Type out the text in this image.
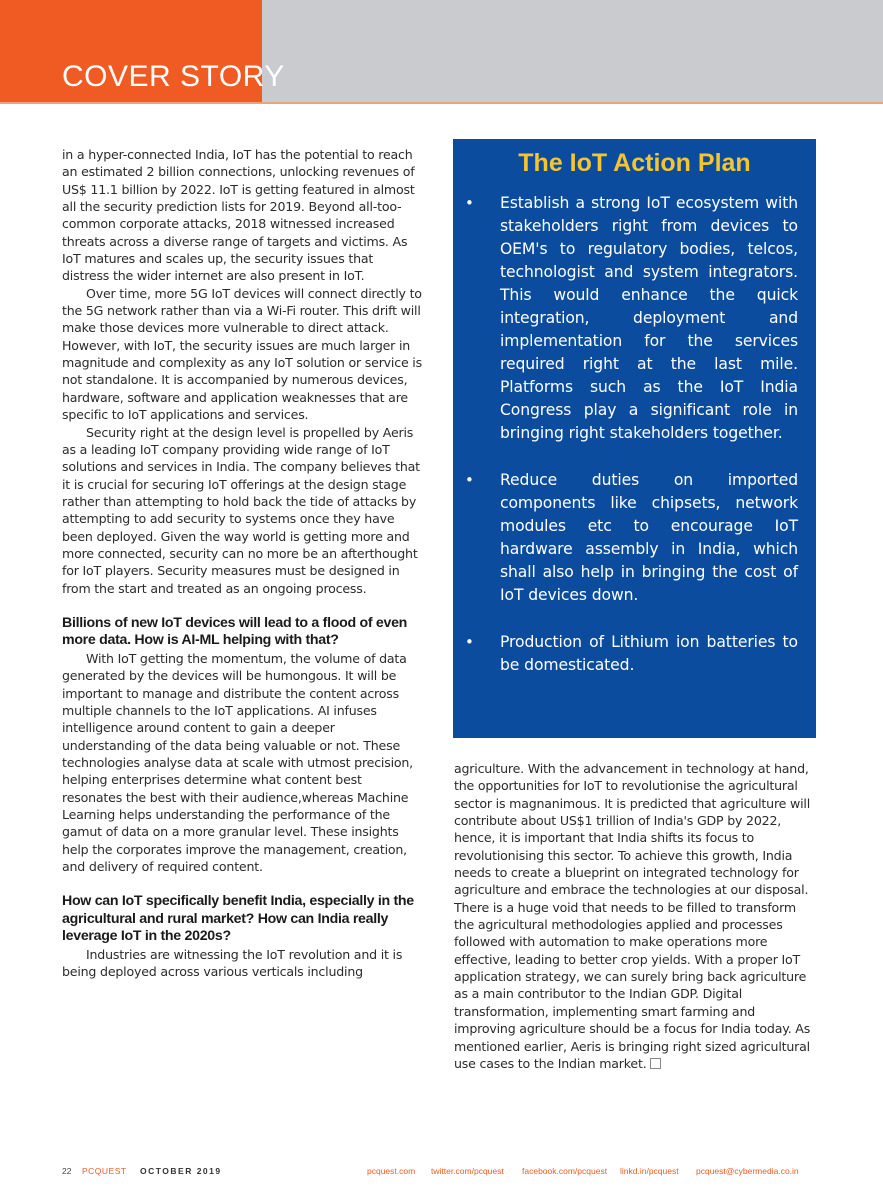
COVER STORY

in a hyper-connected India, IoT has the potential to reach an estimated 2 billion connections, unlocking revenues of US$ 11.1 billion by 2022. IoT is getting featured in almost all the security prediction lists for 2019. Beyond all-too-common corporate attacks, 2018 witnessed increased threats across a diverse range of targets and victims. As IoT matures and scales up, the security issues that distress the wider internet are also present in IoT.

Over time, more 5G IoT devices will connect directly to the 5G network rather than via a Wi-Fi router. This drift will make those devices more vulnerable to direct attack. However, with IoT, the security issues are much larger in magnitude and complexity as any IoT solution or service is not standalone. It is accompanied by numerous devices, hardware, software and application weaknesses that are specific to IoT applications and services.

Security right at the design level is propelled by Aeris as a leading IoT company providing wide range of IoT solutions and services in India. The company believes that it is crucial for securing IoT offerings at the design stage rather than attempting to hold back the tide of attacks by attempting to add security to systems once they have been deployed. Given the way world is getting more and more connected, security can no more be an afterthought for IoT players. Security measures must be designed in from the start and treated as an ongoing process.

Billions of new IoT devices will lead to a flood of even more data. How is AI-ML helping with that?

With IoT getting the momentum, the volume of data generated by the devices will be humongous. It will be important to manage and distribute the content across multiple channels to the IoT applications. AI infuses intelligence around content to gain a deeper understanding of the data being valuable or not. These technologies analyse data at scale with utmost precision, helping enterprises determine what content best resonates the best with their audience,whereas Machine Learning helps understanding the performance of the gamut of data on a more granular level. These insights help the corporates improve the management, creation, and delivery of required content.

How can IoT specifically benefit India, especially in the agricultural and rural market? How can India really leverage IoT in the 2020s?

Industries are witnessing the IoT revolution and it is being deployed across various verticals including

The IoT Action Plan
• Establish a strong IoT ecosystem with stakeholders right from devices to OEM's to regulatory bodies, telcos, technologist and system integrators. This would enhance the quick integration, deployment and implementation for the services required right at the last mile. Platforms such as the IoT India Congress play a significant role in bringing right stakeholders together.
• Reduce duties on imported components like chipsets, network modules etc to encourage IoT hardware assembly in India, which shall also help in bringing the cost of IoT devices down.
• Production of Lithium ion batteries to be domesticated.

agriculture. With the advancement in technology at hand, the opportunities for IoT to revolutionise the agricultural sector is magnanimous. It is predicted that agriculture will contribute about US$1 trillion of India's GDP by 2022, hence, it is important that India shifts its focus to revolutionising this sector. To achieve this growth, India needs to create a blueprint on integrated technology for agriculture and embrace the technologies at our disposal. There is a huge void that needs to be filled to transform the agricultural methodologies applied and processes followed with automation to make operations more effective, leading to better crop yields. With a proper IoT application strategy, we can surely bring back agriculture as a main contributor to the Indian GDP. Digital transformation, implementing smart farming and improving agriculture should be a focus for India today. As mentioned earlier, Aeris is bringing right sized agricultural use cases to the Indian market.

22 PCQUEST OCTOBER 2019	pcquest.com twitter.com/pcquest facebook.com/pcquest linkd.in/pcquest pcquest@cybermedia.co.in
